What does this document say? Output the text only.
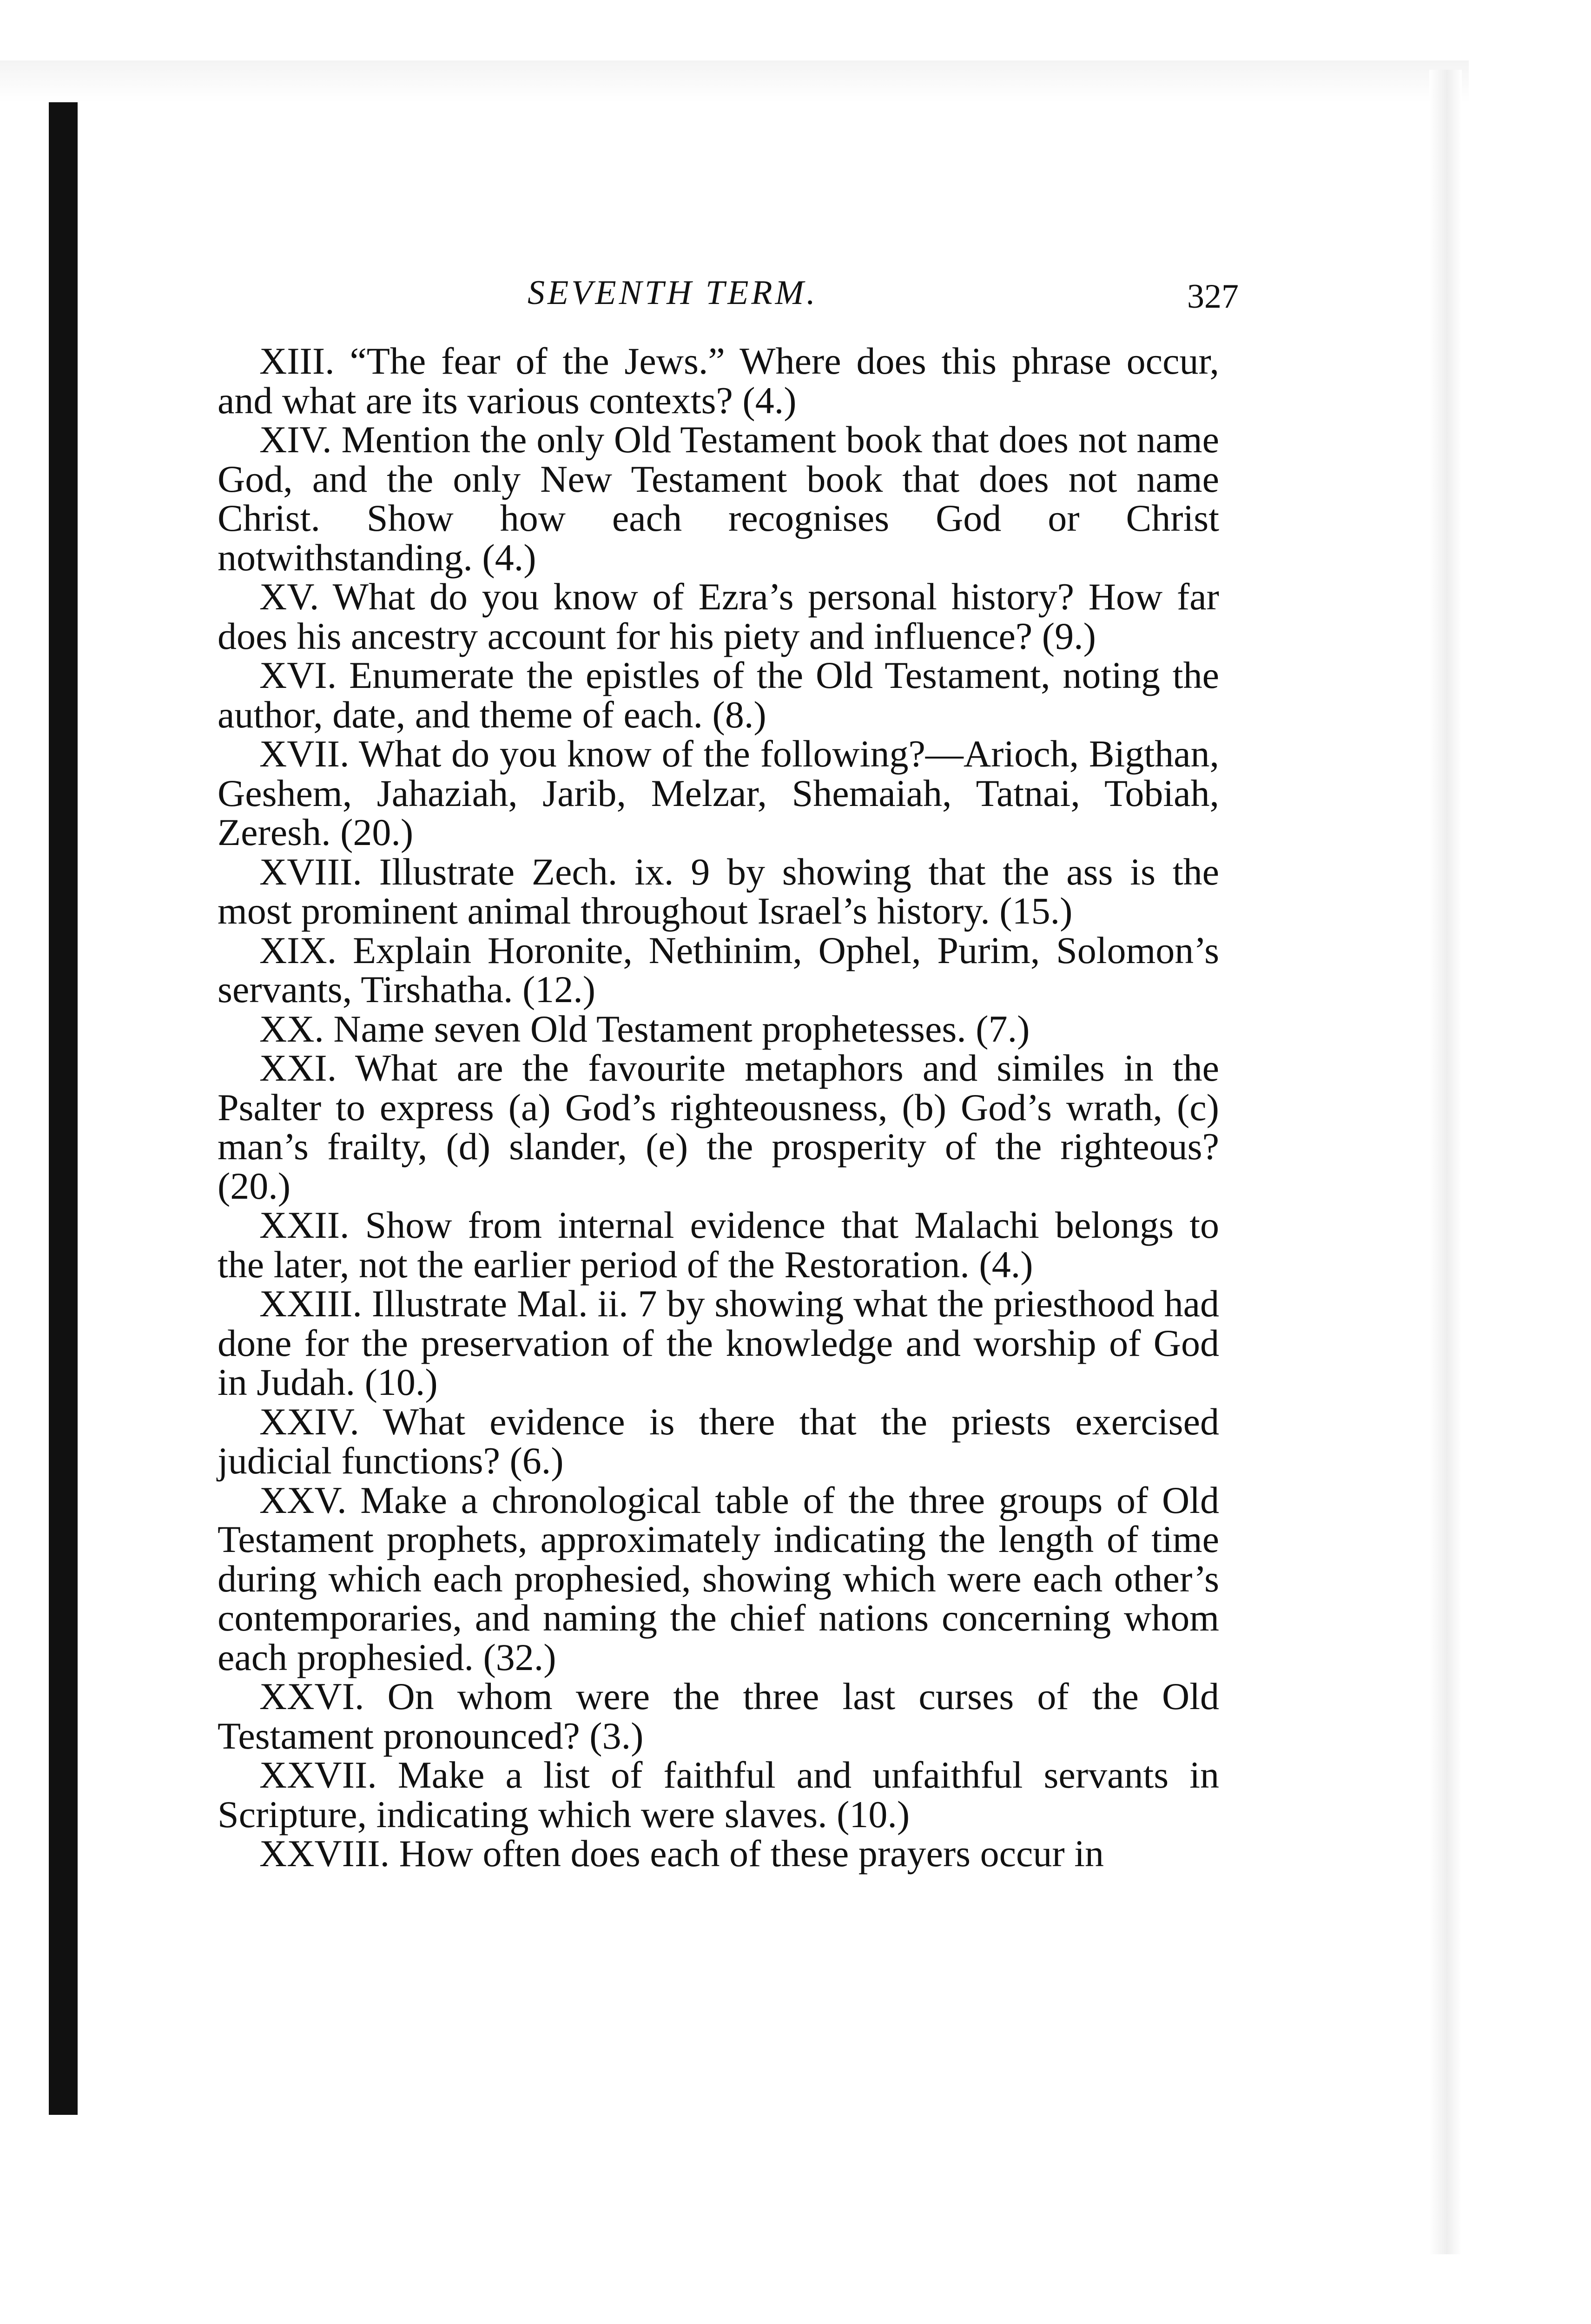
SEVENTH TERM.	327

XIII. “The fear of the Jews.” Where does this phrase occur, and what are its various contexts? (4.)

XIV. Mention the only Old Testament book that does not name God, and the only New Testament book that does not name Christ. Show how each recognises God or Christ notwithstanding. (4.)

XV. What do you know of Ezra’s personal history? How far does his ancestry account for his piety and influence? (9.)

XVI. Enumerate the epistles of the Old Testament, noting the author, date, and theme of each. (8.)

XVII. What do you know of the following?—Arioch, Bigthan, Geshem, Jahaziah, Jarib, Melzar, Shemaiah, Tatnai, Tobiah, Zeresh. (20.)

XVIII. Illustrate Zech. ix. 9 by showing that the ass is the most prominent animal throughout Israel’s history. (15.)

XIX. Explain Horonite, Nethinim, Ophel, Purim, Solomon’s servants, Tirshatha. (12.)

XX. Name seven Old Testament prophetesses. (7.)

XXI. What are the favourite metaphors and similes in the Psalter to express (a) God’s righteousness, (b) God’s wrath, (c) man’s frailty, (d) slander, (e) the prosperity of the righteous? (20.)

XXII. Show from internal evidence that Malachi belongs to the later, not the earlier period of the Restoration. (4.)

XXIII. Illustrate Mal. ii. 7 by showing what the priesthood had done for the preservation of the knowledge and worship of God in Judah. (10.)

XXIV. What evidence is there that the priests exercised judicial functions? (6.)

XXV. Make a chronological table of the three groups of Old Testament prophets, approximately indicating the length of time during which each prophesied, showing which were each other’s contemporaries, and naming the chief nations concerning whom each prophesied. (32.)

XXVI. On whom were the three last curses of the Old Testament pronounced? (3.)

XXVII. Make a list of faithful and unfaithful servants in Scripture, indicating which were slaves. (10.)

XXVIII. How often does each of these prayers occur in
